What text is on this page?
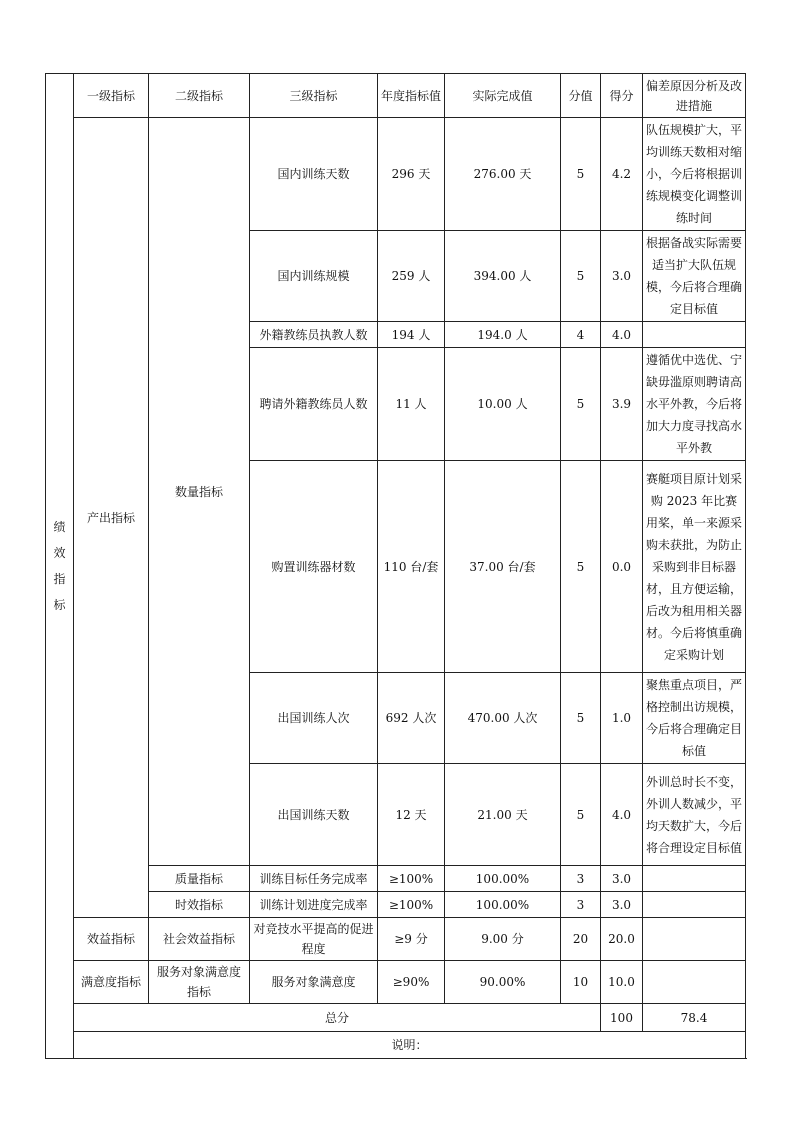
绩效指标	一级指标	二级指标	三级指标	年度指标值	实际完成值	分值	得分	偏差原因分析及改进措施	
	产出指标	数量指标	国内训练天数	296 天	276.00 天	5	4.2	队伍规模扩大，平均训练天数相对缩小，今后将根据训练规模变化调整训练时间	
			国内训练规模	259 人	394.00 人	5	3.0	根据备战实际需要适当扩大队伍规模，今后将合理确定目标值	
			外籍教练员执教人数	194 人	194.0 人	4	4.0		
			聘请外籍教练员人数	11 人	10.00 人	5	3.9	遵循优中选优、宁缺毋滥原则聘请高水平外教，今后将加大力度寻找高水平外教	
			购置训练器材数	110 台/套	37.00 台/套	5	0.0	赛艇项目原计划采购 2023 年比赛用桨，单一来源采购未获批，为防止采购到非目标器材，且方便运输，后改为租用相关器材。今后将慎重确定采购计划	
			出国训练人次	692 人次	470.00 人次	5	1.0	聚焦重点项目，严格控制出访规模，今后将合理确定目标值	
			出国训练天数	12 天	21.00 天	5	4.0	外训总时长不变，外训人数减少，平均天数扩大，今后将合理设定目标值	
		质量指标	训练目标任务完成率	≥100%	100.00%	3	3.0		
		时效指标	训练计划进度完成率	≥100%	100.00%	3	3.0		
	效益指标	社会效益指标	对竞技水平提高的促进程度	≥9 分	9.00 分	20	20.0		
	满意度指标	服务对象满意度指标	服务对象满意度	≥90%	90.00%	10	10.0		
	总分						100	78.4	
	说明：								
